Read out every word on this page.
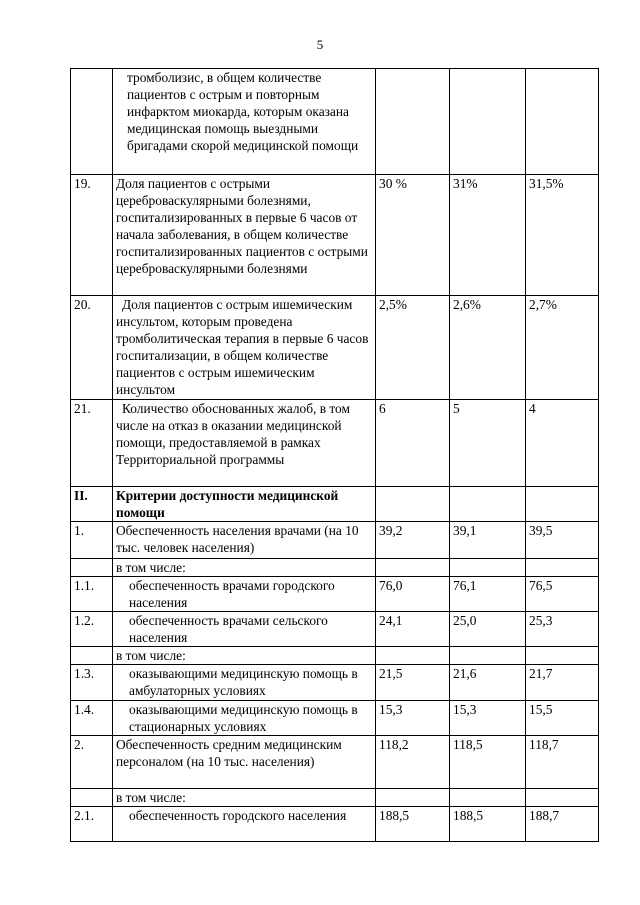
5
	тромболизис, в общем количестве пациентов с острым и повторным инфарктом миокарда, которым оказана медицинская помощь выездными бригадами скорой медицинской помощи			
19.	Доля пациентов с острыми цереброваскулярными болезнями, госпитализированных в первые 6 часов от начала заболевания, в общем количестве госпитализированных пациентов с острыми цереброваскулярными болезнями	30 %	31%	31,5%
20.	Доля пациентов с острым ишемическим инсультом, которым проведена тромболитическая терапия в первые 6 часов госпитализации, в общем количестве пациентов с острым ишемическим инсультом	2,5%	2,6%	2,7%
21.	Количество обоснованных жалоб, в том числе на отказ в оказании медицинской помощи, предоставляемой в рамках Территориальной программы	6	5	4
II.	Критерии доступности медицинской помощи			
1.	Обеспеченность населения врачами (на 10 тыс. человек населения)	39,2	39,1	39,5
	в том числе:			
1.1.	обеспеченность врачами городского населения	76,0	76,1	76,5
1.2.	обеспеченность врачами сельского населения	24,1	25,0	25,3
	в том числе:			
1.3.	оказывающими медицинскую помощь в амбулаторных условиях	21,5	21,6	21,7
1.4.	оказывающими медицинскую помощь в стационарных условиях	15,3	15,3	15,5
2.	Обеспеченность средним медицинским персоналом (на 10 тыс. населения)	118,2	118,5	118,7
	в том числе:			
2.1.	обеспеченность городского населения	188,5	188,5	188,7
